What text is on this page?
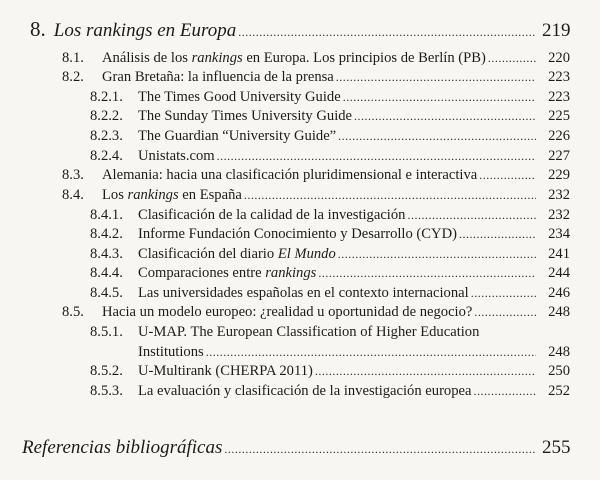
8. Los rankings en Europa .....	219
8.1.	Análisis de los rankings en Europa. Los principios de Berlín (PB) .....	220
8.2.	Gran Bretaña: la influencia de la prensa .....	223
8.2.1.	The Times Good University Guide .....	223
8.2.2.	The Sunday Times University Guide .....	225
8.2.3.	The Guardian “University Guide” .....	226
8.2.4.	Unistats.com .....	227
8.3.	Alemania: hacia una clasificación pluridimensional e interactiva .....	229
8.4.	Los rankings en España .....	232
8.4.1.	Clasificación de la calidad de la investigación .....	232
8.4.2.	Informe Fundación Conocimiento y Desarrollo (CYD) .....	234
8.4.3.	Clasificación del diario El Mundo .....	241
8.4.4.	Comparaciones entre rankings .....	244
8.4.5.	Las universidades españolas en el contexto internacional .....	246
8.5.	Hacia un modelo europeo: ¿realidad u oportunidad de negocio? .....	248
8.5.1.	U-MAP. The European Classification of Higher Education
Institutions .....	248
8.5.2.	U-Multirank (CHERPA 2011) .....	250
8.5.3.	La evaluación y clasificación de la investigación europea .....	252
Referencias bibliográficas .....	255
